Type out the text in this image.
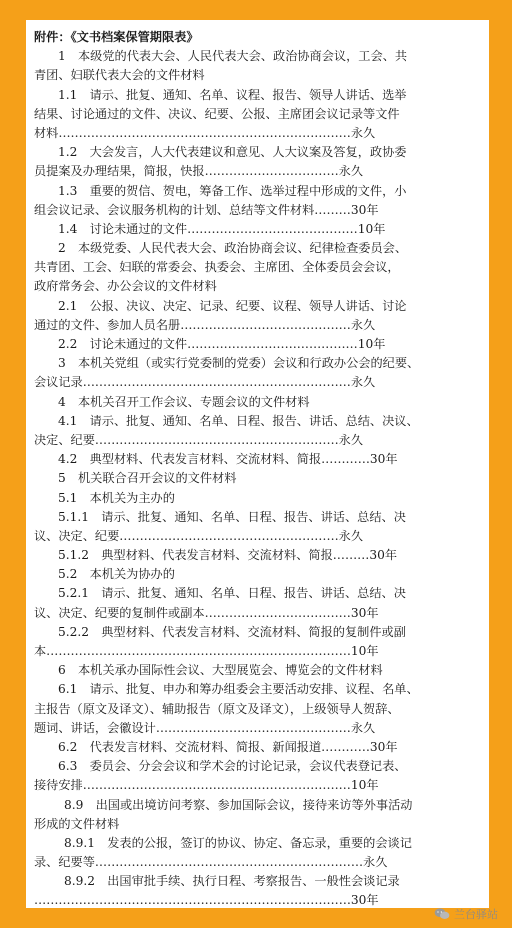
附件：《文书档案保管期限表》
1　本级党的代表大会、人民代表大会、政治协商会议，工会、共
青团、妇联代表大会的文件材料
1.1　请示、批复、通知、名单、议程、报告、领导人讲话、选举
结果、讨论通过的文件、决议、纪要、公报、主席团会议记录等文件
材料………………………………………………………………永久
1.2　大会发言，人大代表建议和意见、人大议案及答复，政协委
员提案及办理结果，简报，快报……………………………永久
1.3　重要的贺信、贺电，筹备工作、选举过程中形成的文件，小
组会议记录、会议服务机构的计划、总结等文件材料………30年
1.4　讨论未通过的文件……………………………………10年
2　本级党委、人民代表大会、政治协商会议、纪律检查委员会、
共青团、工会、妇联的常委会、执委会、主席团、全体委员会会议，
政府常务会、办公会议的文件材料
2.1　公报、决议、决定、记录、纪要、议程、领导人讲话、讨论
通过的文件、参加人员名册……………………………………永久
2.2　讨论未通过的文件……………………………………10年
3　本机关党组（或实行党委制的党委）会议和行政办公会的纪要、
会议记录…………………………………………………………永久
4　本机关召开工作会议、专题会议的文件材料
4.1　请示、批复、通知、名单、日程、报告、讲话、总结、决议、
决定、纪要……………………………………………………永久
4.2　典型材料、代表发言材料、交流材料、简报…………30年
5　机关联合召开会议的文件材料
5.1　本机关为主办的
5.1.1　请示、批复、通知、名单、日程、报告、讲话、总结、决
议、决定、纪要………………………………………………永久
5.1.2　典型材料、代表发言材料、交流材料、简报………30年
5.2　本机关为协办的
5.2.1　请示、批复、通知、名单、日程、报告、讲话、总结、决
议、决定、纪要的复制件或副本………………………………30年
5.2.2　典型材料、代表发言材料、交流材料、简报的复制件或副
本…………………………………………………………………10年
6　本机关承办国际性会议、大型展览会、博览会的文件材料
6.1　请示、批复、申办和筹办组委会主要活动安排、议程、名单、
主报告（原文及译文）、辅助报告（原文及译文），上级领导人贺辞、
题词、讲话，会徽设计…………………………………………永久
6.2　代表发言材料、交流材料、简报、新闻报道…………30年
6.3　委员会、分会会议和学术会的讨论记录，会议代表登记表、
接待安排…………………………………………………………10年
8.9　出国或出境访问考察、参加国际会议，接待来访等外事活动
形成的文件材料
8.9.1　发表的公报，签订的协议、协定、备忘录，重要的会谈记
录、纪要等…………………………………………………………永久
8.9.2　出国审批手续、执行日程、考察报告、一般性会谈记录
……………………………………………………………………30年
兰台驿站
